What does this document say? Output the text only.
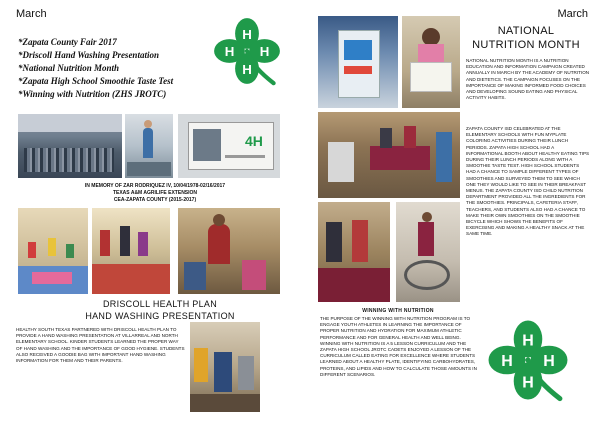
March
*Zapata County Fair 2017
*Driscoll Hand Washing Presentation
*National Nutrition Month
*Zapata High School Smoothie Taste Test
*Winning with Nutrition (ZHS JROTC)
H
H
H H
4H
IN MEMORY OF ZAR RODRIQUEZ IV, 10/04/1978-02/16/2017
TEXAS A&M AGRILIFE EXTENSION
CEA-ZAPATA COUNTY (2015-2017)
DRISCOLL HEALTH PLAN
HAND WASHING PRESENTATION

HEALTHY SOUTH TEXAS PARTNERED WITH DRISCOLL HEALTH PLAN TO PROVIDE A HAND WASHING PRESENTATION AT VILLARREAL AND NORTH ELEMENTARY SCHOOL. KINDER STUDENTS LEARNED THE PROPER WAY OF HAND WASHING AND THE IMPORTANCE OF GOOD HYGIENE. STUDENTS ALSO RECEIVED A GOODIE BAG WITH IMPORTANT HAND WASHING INFORMATION FOR THEM AND THEIR PARENTS.

March
NATIONAL
NUTRITION MONTH

NATIONAL NUTRITION MONTH IS A NUTRITION EDUCATION AND INFORMATION CAMPAIGN CREATED ANNUALLY IN MARCH BY THE ACADEMY OF NUTRITION AND DIETETICS. THE CAMPAIGN FOCUSES ON THE IMPORTANCE OF MAKING INFORMED FOOD CHOICES AND DEVELOPING SOUND EATING AND PHYSICAL ACTIVITY HABITS.

ZAPATA COUNTY ISD CELEBRATED AT THE ELEMENTARY SCHOOLS WITH FUN MYPLATE COLORING ACTIVITIES DURING THEIR LUNCH PERIODS. ZAPATA HIGH SCHOOL HAD A INFORMATIONAL BOOTH ABOUT HEALTHY EATING TIPS DURING THEIR LUNCH PERIODS ALONG WITH A SMOOTHIE TASTE TEST. HIGH SCHOOL STUDENTS HAD A CHANCE TO SAMPLE DIFFERENT TYPES OF SMOOTHIES AND SURVEYED THEM TO SEE WHICH ONE THEY WOULD LIKE TO SEE IN THEIR BREAKFAST MENUS. THE ZAPATA COUNTY ISD CHILD NUTRITION DEPARTMENT PROVIDED ALL THE INGREDIENTS FOR THE SMOOTHIES. PRINCIPALS, CAFETERIA STAFF, TEACHERS, AND STUDENTS ALSO HAD A CHANCE TO MAKE THEIR OWN SMOOTHIES ON THE SMOOTHIE BICYCLE WHICH SHOWS THE BENEFITS OF EXERCISING AND MAKING A HEALTHY SNACK AT THE SAME TIME.

WINNING WITH NUTRITION

THE PURPOSE OF THE WINNING WITH NUTRITION PROGRAM IS TO ENGAGE YOUTH ATHLETES IN LEARNING THE IMPORTANCE OF PROPER NUTRITION AND HYDRATION FOR MAXIMUM ATHLETIC PERFORMANCE AND FOR GENERAL HEALTH AND WELL BEING. WINNING WITH NUTRITION IS A 5 LESSON CURRICULUM AND THE ZAPATA HIGH SCHOOL JROTC CADETS ENJOYED A LESSON OF THE CURRICULUM CALLED EATING FOR EXCELLENCE WHERE STUDENTS LEARNED ABOUT A HEALTHY PLATE, IDENTIFYING CARBOHYDRATES, PROTEINS, AND LIPIDS AND HOW TO CALCULATE THOSE AMOUNTS IN DIFFERENT SCENARIOS.

H
H
H H
